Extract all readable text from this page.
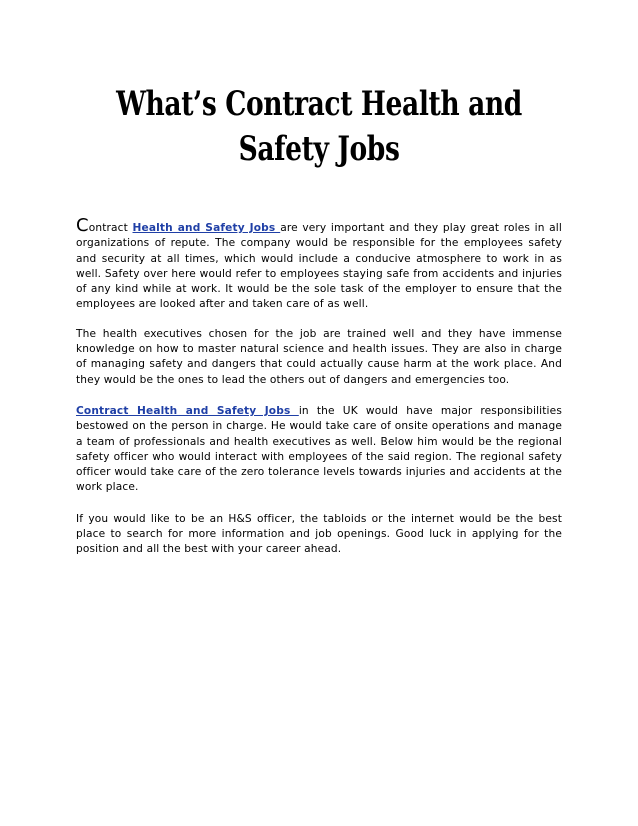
What’s Contract Health and Safety Jobs

Contract Health and Safety Jobs are very important and they play great roles in all organizations of repute. The company would be responsible for the employees safety and security at all times, which would include a conducive atmosphere to work in as well. Safety over here would refer to employees staying safe from accidents and injuries of any kind while at work. It would be the sole task of the employer to ensure that the employees are looked after and taken care of as well.

The health executives chosen for the job are trained well and they have immense knowledge on how to master natural science and health issues. They are also in charge of managing safety and dangers that could actually cause harm at the work place. And they would be the ones to lead the others out of dangers and emergencies too.

Contract Health and Safety Jobs in the UK would have major responsibilities bestowed on the person in charge. He would take care of onsite operations and manage a team of professionals and health executives as well. Below him would be the regional safety officer who would interact with employees of the said region. The regional safety officer would take care of the zero tolerance levels towards injuries and accidents at the work place.

If you would like to be an H&S officer, the tabloids or the internet would be the best place to search for more information and job openings. Good luck in applying for the position and all the best with your career ahead.
